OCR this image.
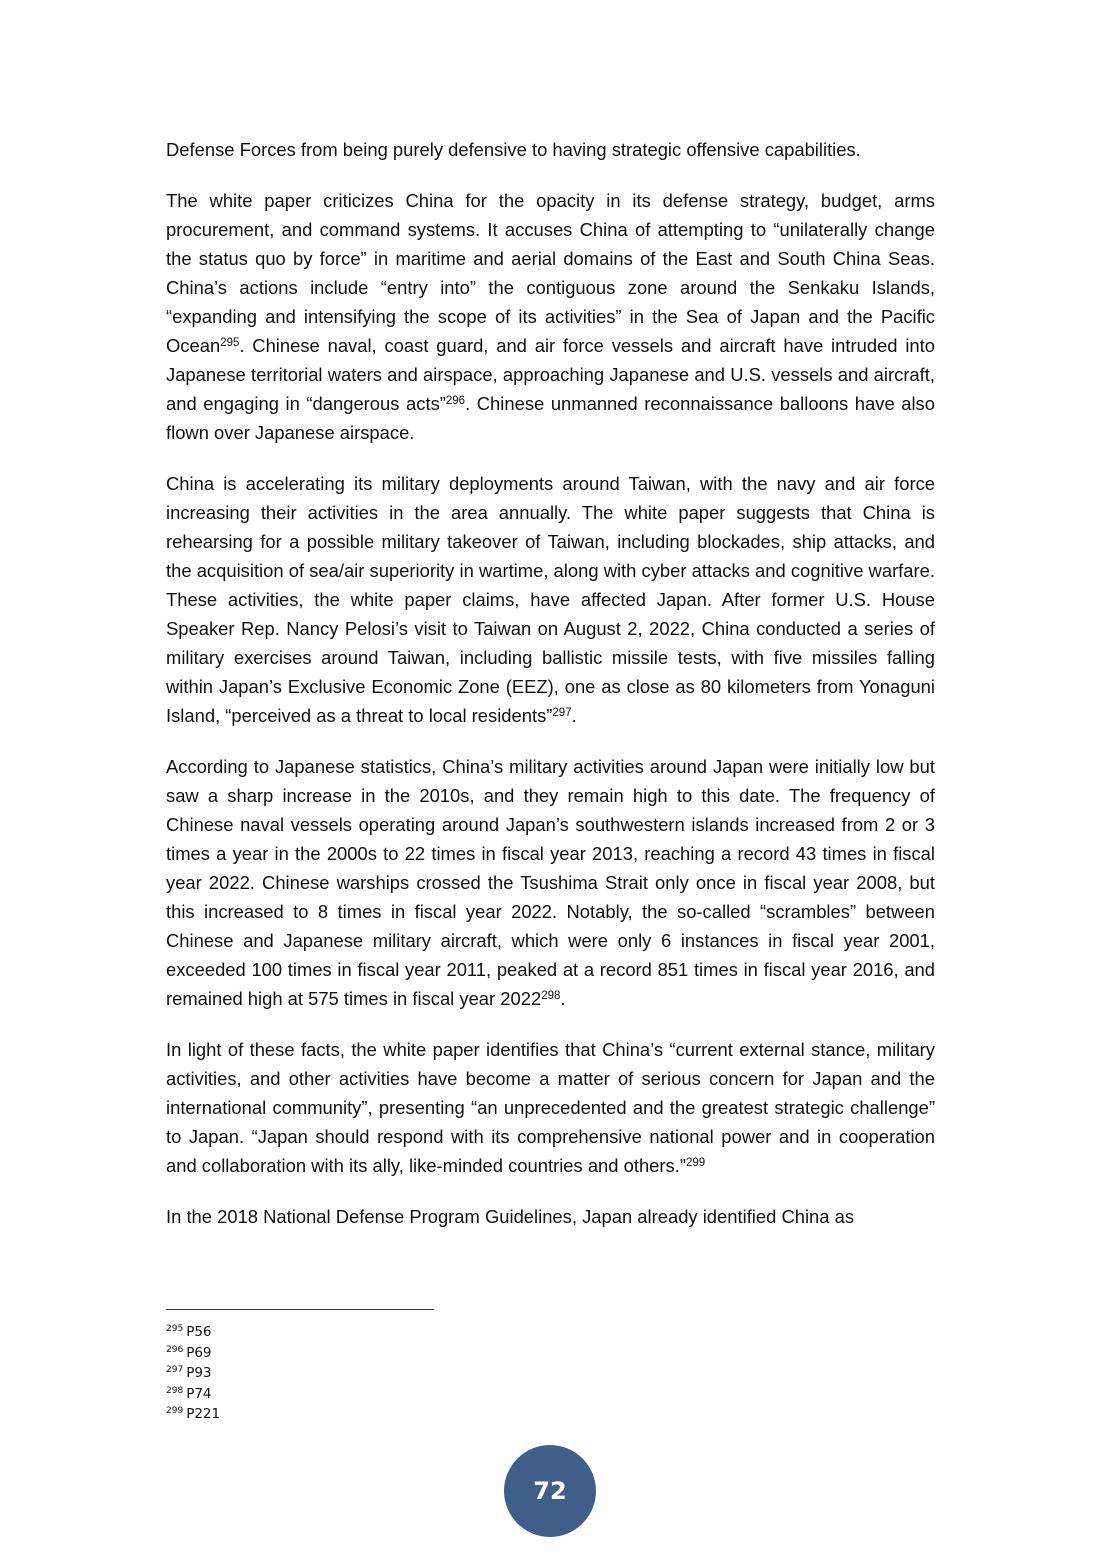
Defense Forces from being purely defensive to having strategic offensive capabilities.

The white paper criticizes China for the opacity in its defense strategy, budget, arms procurement, and command systems. It accuses China of attempting to “unilaterally change the status quo by force” in maritime and aerial domains of the East and South China Seas. China’s actions include “entry into” the contiguous zone around the Senkaku Islands, “expanding and intensifying the scope of its activities” in the Sea of Japan and the Pacific Ocean$^{295}$. Chinese naval, coast guard, and air force vessels and aircraft have intruded into Japanese territorial waters and airspace, approaching Japanese and U.S. vessels and aircraft, and engaging in “dangerous acts”$^{296}$. Chinese unmanned reconnaissance balloons have also flown over Japanese airspace.

China is accelerating its military deployments around Taiwan, with the navy and air force increasing their activities in the area annually. The white paper suggests that China is rehearsing for a possible military takeover of Taiwan, including blockades, ship attacks, and the acquisition of sea/air superiority in wartime, along with cyber attacks and cognitive warfare. These activities, the white paper claims, have affected Japan. After former U.S. House Speaker Rep. Nancy Pelosi’s visit to Taiwan on August 2, 2022, China conducted a series of military exercises around Taiwan, including ballistic missile tests, with five missiles falling within Japan’s Exclusive Economic Zone (EEZ), one as close as 80 kilometers from Yonaguni Island, “perceived as a threat to local residents”$^{297}$.

According to Japanese statistics, China’s military activities around Japan were initially low but saw a sharp increase in the 2010s, and they remain high to this date. The frequency of Chinese naval vessels operating around Japan’s southwestern islands increased from 2 or 3 times a year in the 2000s to 22 times in fiscal year 2013, reaching a record 43 times in fiscal year 2022. Chinese warships crossed the Tsushima Strait only once in fiscal year 2008, but this increased to 8 times in fiscal year 2022. Notably, the so-called “scrambles” between Chinese and Japanese military aircraft, which were only 6 instances in fiscal year 2001, exceeded 100 times in fiscal year 2011, peaked at a record 851 times in fiscal year 2016, and remained high at 575 times in fiscal year 2022$^{298}$.

In light of these facts, the white paper identifies that China’s “current external stance, military activities, and other activities have become a matter of serious concern for Japan and the international community”, presenting “an unprecedented and the greatest strategic challenge” to Japan. “Japan should respond with its comprehensive national power and in cooperation and collaboration with its ally, like-minded countries and others.”$^{299}$

In the 2018 National Defense Program Guidelines, Japan already identified China as

$^{295}$ P56
$^{296}$ P69
$^{297}$ P93
$^{298}$ P74
$^{299}$ P221
72
